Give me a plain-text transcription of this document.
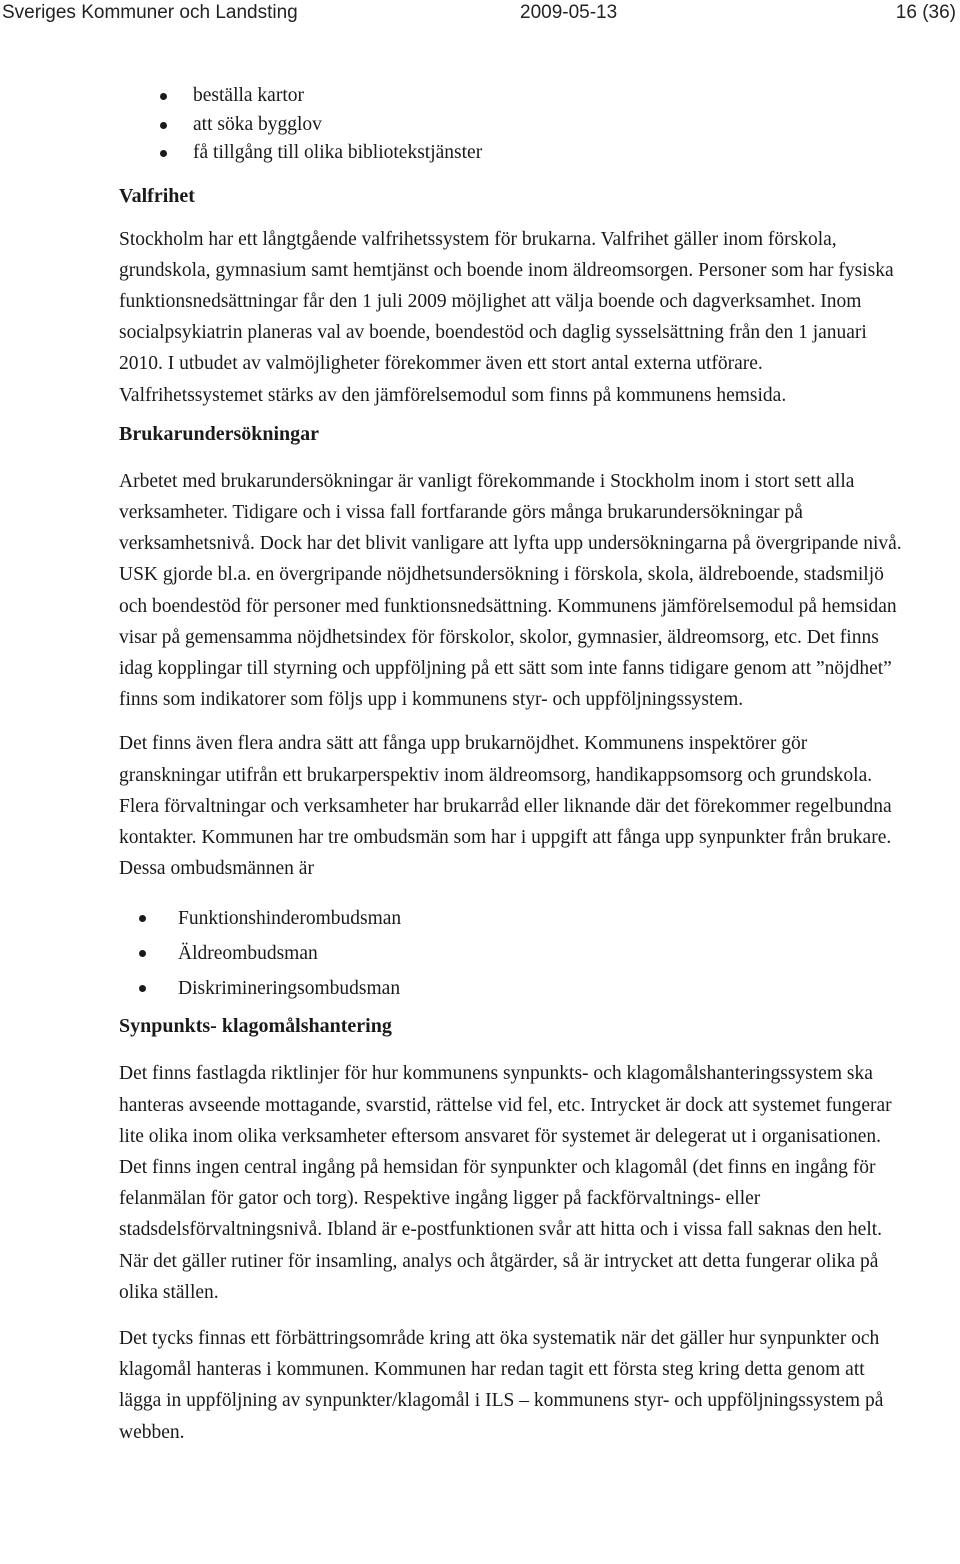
Sveriges Kommuner och Landsting	2009-05-13	16 (36)
beställa kartor
att söka bygglov
få tillgång till olika bibliotekstjänster
Valfrihet

Stockholm har ett långtgående valfrihetssystem för brukarna. Valfrihet gäller inom förskola, grundskola, gymnasium samt hemtjänst och boende inom äldreomsorgen. Personer som har fysiska funktionsnedsättningar får den 1 juli 2009 möjlighet att välja boende och dagverksamhet. Inom socialpsykiatrin planeras val av boende, boendestöd och daglig sysselsättning från den 1 januari 2010. I utbudet av valmöjligheter förekommer även ett stort antal externa utförare. Valfrihetssystemet stärks av den jämförelsemodul som finns på kommunens hemsida.

Brukarundersökningar

Arbetet med brukarundersökningar är vanligt förekommande i Stockholm inom i stort sett alla verksamheter. Tidigare och i vissa fall fortfarande görs många brukarundersökningar på verksamhetsnivå. Dock har det blivit vanligare att lyfta upp undersökningarna på övergripande nivå. USK gjorde bl.a. en övergripande nöjdhetsundersökning i förskola, skola, äldreboende, stadsmiljö och boendestöd för personer med funktionsnedsättning. Kommunens jämförelsemodul på hemsidan visar på gemensamma nöjdhetsindex för förskolor, skolor, gymnasier, äldreomsorg, etc. Det finns idag kopplingar till styrning och uppföljning på ett sätt som inte fanns tidigare genom att ”nöjdhet” finns som indikatorer som följs upp i kommunens styr- och uppföljningssystem.

Det finns även flera andra sätt att fånga upp brukarnöjdhet. Kommunens inspektörer gör granskningar utifrån ett brukarperspektiv inom äldreomsorg, handikappsomsorg och grundskola. Flera förvaltningar och verksamheter har brukarråd eller liknande där det förekommer regelbundna kontakter. Kommunen har tre ombudsmän som har i uppgift att fånga upp synpunkter från brukare. Dessa ombudsmännen är

Funktionshinderombudsman
Äldreombudsman
Diskrimineringsombudsman
Synpunkts- klagomålshantering

Det finns fastlagda riktlinjer för hur kommunens synpunkts- och klagomålshanteringssystem ska hanteras avseende mottagande, svarstid, rättelse vid fel, etc. Intrycket är dock att systemet fungerar lite olika inom olika verksamheter eftersom ansvaret för systemet är delegerat ut i organisationen. Det finns ingen central ingång på hemsidan för synpunkter och klagomål (det finns en ingång för felanmälan för gator och torg). Respektive ingång ligger på fackförvaltnings- eller stadsdelsförvaltningsnivå. Ibland är e-postfunktionen svår att hitta och i vissa fall saknas den helt. När det gäller rutiner för insamling, analys och åtgärder, så är intrycket att detta fungerar olika på olika ställen.

Det tycks finnas ett förbättringsområde kring att öka systematik när det gäller hur synpunkter och klagomål hanteras i kommunen. Kommunen har redan tagit ett första steg kring detta genom att lägga in uppföljning av synpunkter/klagomål i ILS – kommunens styr- och uppföljningssystem på webben.
